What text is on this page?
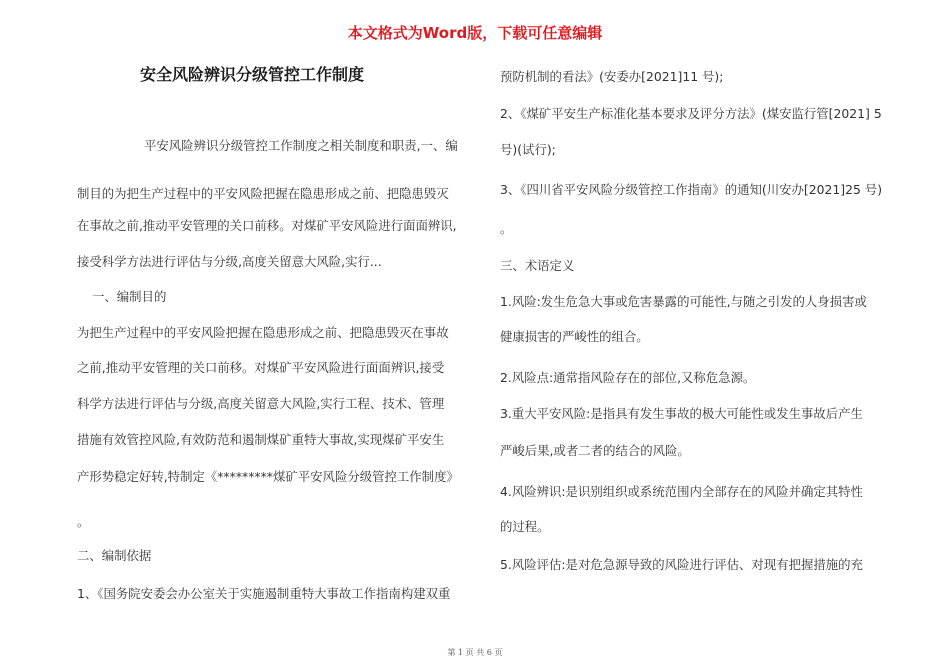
本文格式为Word版，下载可任意编辑
安全风险辨识分级管控工作制度
平安风险辨识分级管控工作制度之相关制度和职责,一、编
制目的为把生产过程中的平安风险把握在隐患形成之前、把隐患毁灭
在事故之前,推动平安管理的关口前移。对煤矿平安风险进行面面辨识,
接受科学方法进行评估与分级,高度关留意大风险,实行...
一、编制目的
为把生产过程中的平安风险把握在隐患形成之前、把隐患毁灭在事故
之前,推动平安管理的关口前移。对煤矿平安风险进行面面辨识,接受
科学方法进行评估与分级,高度关留意大风险,实行工程、技术、管理
措施有效管控风险,有效防范和遏制煤矿重特大事故,实现煤矿平安生
产形势稳定好转,特制定《*********煤矿平安风险分级管控工作制度》
。
二、编制依据
1、《国务院安委会办公室关于实施遏制重特大事故工作指南构建双重
预防机制的看法》(安委办[2021]11 号);
2、《煤矿平安生产标准化基本要求及评分方法》(煤安监行管[2021] 5
号)(试行);
3、《四川省平安风险分级管控工作指南》的通知(川安办[2021]25 号)
。
三、术语定义
1.风险:发生危急大事或危害暴露的可能性,与随之引发的人身损害或
健康损害的严峻性的组合。
2.风险点:通常指风险存在的部位,又称危急源。
3.重大平安风险:是指具有发生事故的极大可能性或发生事故后产生
严峻后果,或者二者的结合的风险。
4.风险辨识:是识别组织或系统范围内全部存在的风险并确定其特性
的过程。
5.风险评估:是对危急源导致的风险进行评估、对现有把握措施的充
第 1 页 共 6 页
